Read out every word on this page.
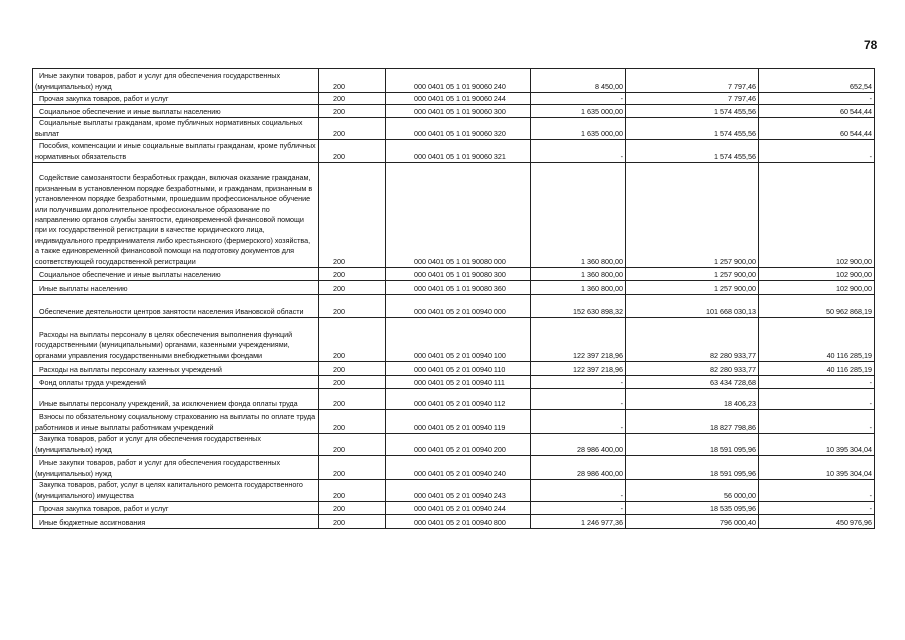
78
Иные закупки товаров, работ и услуг для обеспечения государственных (муниципальных) нужд	200	000 0401 05 1 01 90060 240	8 450,00	7 797,46	652,54
Прочая закупка товаров, работ и услуг	200	000 0401 05 1 01 90060 244	-	7 797,46	-
Социальное обеспечение и иные выплаты населению	200	000 0401 05 1 01 90060 300	1 635 000,00	1 574 455,56	60 544,44
Социальные выплаты гражданам, кроме публичных нормативных социальных выплат	200	000 0401 05 1 01 90060 320	1 635 000,00	1 574 455,56	60 544,44
Пособия, компенсации и иные социальные выплаты гражданам, кроме публичных нормативных обязательств	200	000 0401 05 1 01 90060 321	-	1 574 455,56	-
Содействие самозанятости безработных граждан, включая оказание гражданам, признанным в установленном порядке безработными, и гражданам, признанным в установленном порядке безработными, прошедшим профессиональное обучение или получившим дополнительное профессиональное образование по направлению органов службы занятости, единовременной финансовой помощи при их государственной регистрации в качестве юридического лица, индивидуального предпринимателя либо крестьянского (фермерского) хозяйства, а также единовременной финансовой помощи на подготовку документов для соответствующей государственной регистрации	200	000 0401 05 1 01 90080 000	1 360 800,00	1 257 900,00	102 900,00
Социальное обеспечение и иные выплаты населению	200	000 0401 05 1 01 90080 300	1 360 800,00	1 257 900,00	102 900,00
Иные выплаты населению	200	000 0401 05 1 01 90080 360	1 360 800,00	1 257 900,00	102 900,00
Обеспечение деятельности центров занятости населения Ивановской области	200	000 0401 05 2 01 00940 000	152 630 898,32	101 668 030,13	50 962 868,19
Расходы на выплаты персоналу в целях обеспечения выполнения функций государственными (муниципальными) органами, казенными учреждениями, органами управления государственными внебюджетными фондами	200	000 0401 05 2 01 00940 100	122 397 218,96	82 280 933,77	40 116 285,19
Расходы на выплаты персоналу казенных учреждений	200	000 0401 05 2 01 00940 110	122 397 218,96	82 280 933,77	40 116 285,19
Фонд оплаты труда учреждений	200	000 0401 05 2 01 00940 111	-	63 434 728,68	-
Иные выплаты персоналу учреждений, за исключением фонда оплаты труда	200	000 0401 05 2 01 00940 112	-	18 406,23	-
Взносы по обязательному социальному страхованию на выплаты по оплате труда работников и иные выплаты работникам учреждений	200	000 0401 05 2 01 00940 119	-	18 827 798,86	-
Закупка товаров, работ и услуг для обеспечения государственных (муниципальных) нужд	200	000 0401 05 2 01 00940 200	28 986 400,00	18 591 095,96	10 395 304,04
Иные закупки товаров, работ и услуг для обеспечения государственных (муниципальных) нужд	200	000 0401 05 2 01 00940 240	28 986 400,00	18 591 095,96	10 395 304,04
Закупка товаров, работ, услуг в целях капитального ремонта государственного (муниципального) имущества	200	000 0401 05 2 01 00940 243	-	56 000,00	-
Прочая закупка товаров, работ и услуг	200	000 0401 05 2 01 00940 244	-	18 535 095,96	-
Иные бюджетные ассигнования	200	000 0401 05 2 01 00940 800	1 246 977,36	796 000,40	450 976,96
